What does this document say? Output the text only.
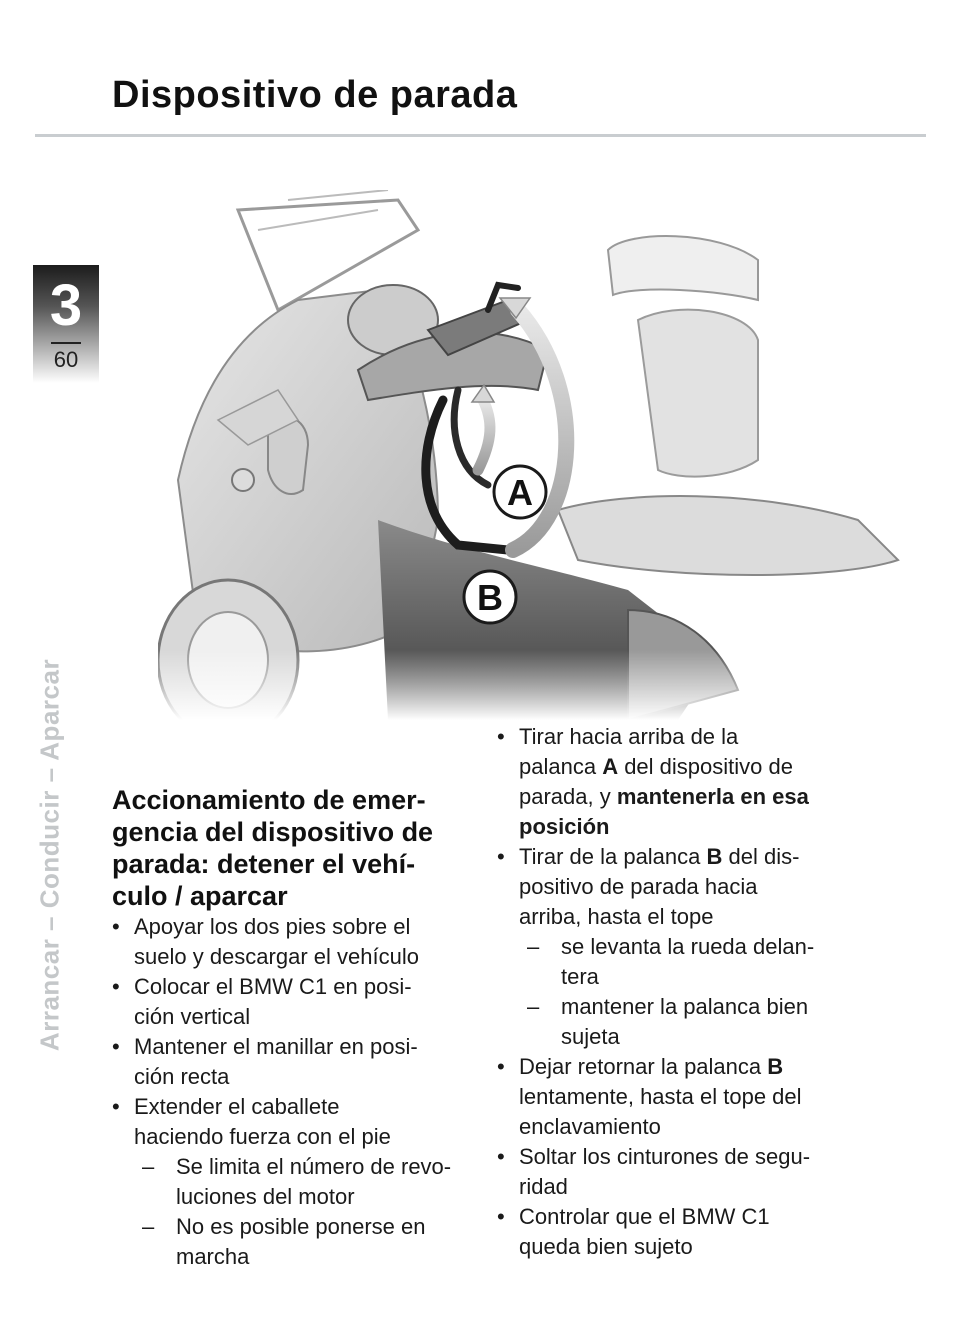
Dispositivo de parada
3
60
Arrancar – Conducir – Aparcar
A
B
Accionamiento de emer-
gencia del dispositivo de
parada: detener el vehí-
culo / aparcar
• Apoyar los dos pies sobre el
suelo y descargar el vehículo
• Colocar el BMW C1 en posi-
ción vertical
• Mantener el manillar en posi-
ción recta
• Extender el caballete
haciendo fuerza con el pie
– Se limita el número de revo-
luciones del motor
– No es posible ponerse en
marcha
• Tirar hacia arriba de la
palanca A del dispositivo de
parada, y mantenerla en esa
posición
• Tirar de la palanca B del dis-
positivo de parada hacia
arriba, hasta el tope
– se levanta la rueda delan-
tera
– mantener la palanca bien
sujeta
• Dejar retornar la palanca B
lentamente, hasta el tope del
enclavamiento
• Soltar los cinturones de segu-
ridad
• Controlar que el BMW C1
queda bien sujeto
